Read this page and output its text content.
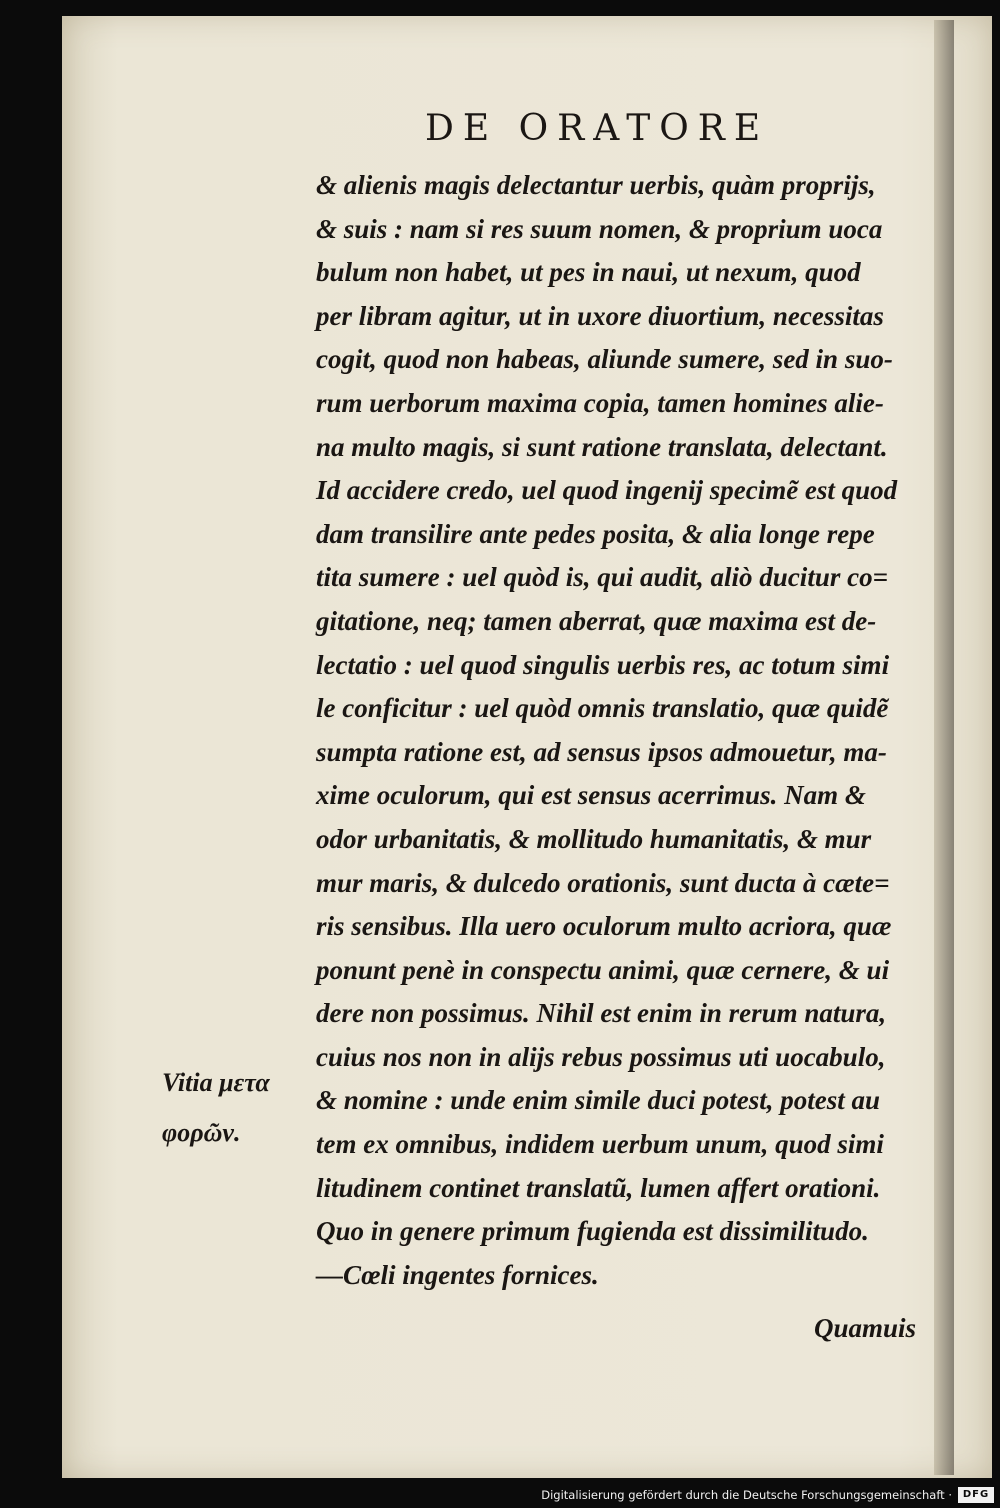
DE ORATORE
& alienis magis delectantur uerbis, quàm proprijs,
& suis : nam si res suum nomen, & proprium uoca
bulum non habet, ut pes in naui, ut nexum, quod
per libram agitur, ut in uxore diuortium, necessitas
cogit, quod non habeas, aliunde sumere, sed in suo-
rum uerborum maxima copia, tamen homines alie-
na multo magis, si sunt ratione translata, delectant.
Id accidere credo, uel quod ingenij specimẽ est quod
dam transilire ante pedes posita, & alia longe repe
tita sumere : uel quòd is, qui audit, aliò ducitur co=
gitatione, neq; tamen aberrat, quæ maxima est de-
lectatio : uel quod singulis uerbis res, ac totum simi
le conficitur : uel quòd omnis translatio, quæ quidẽ
sumpta ratione est, ad sensus ipsos admouetur, ma-
xime oculorum, qui est sensus acerrimus. Nam &
odor urbanitatis, & mollitudo humanitatis, & mur
mur maris, & dulcedo orationis, sunt ducta à cæte=
ris sensibus. Illa uero oculorum multo acriora, quæ
ponunt penè in conspectu animi, quæ cernere, & ui
dere non possimus. Nihil est enim in rerum natura,
cuius nos non in alijs rebus possimus uti uocabulo,
& nomine : unde enim simile duci potest, potest au
tem ex omnibus, indidem uerbum unum, quod simi
litudinem continet translatũ, lumen affert orationi.
Quo in genere primum fugienda est dissimilitudo.
—Cœli ingentes fornices.
Quamuis
Vitia μετα
φορῶν.
Digitalisierung gefördert durch die Deutsche Forschungsgemeinschaft ·	DFG
